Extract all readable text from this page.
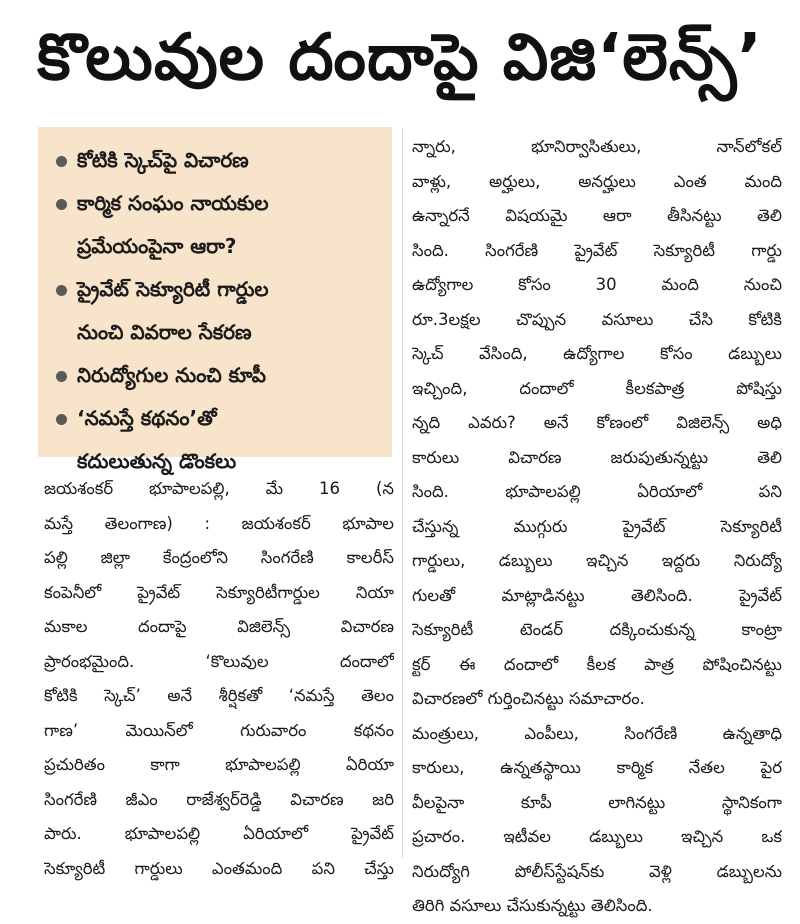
కొలువుల దందాపై విజి‘లెన్స్’
కోటికి స్కెచ్‌పై విచారణ
కార్మిక సంఘం నాయకుల
ప్రమేయంపైనా ఆరా?
ప్రైవేట్ సెక్యూరిటీ గార్డుల
నుంచి వివరాల సేకరణ
నిరుద్యోగుల నుంచి కూపీ
‘నమస్తే కథనం’తో
కదులుతున్న డొంకలు
జయశంకర్ భూపాలపల్లి, మే 16 (న
మస్తే తెలంగాణ) : జయశంకర్ భూపాల
పల్లి జిల్లా కేంద్రంలోని సింగరేణి కాలరీస్
కంపెనీలో ప్రైవేట్ సెక్యూరిటీగార్డుల నియా
మకాల దందాపై విజిలెన్స్ విచారణ
ప్రారంభమైంది. ‘కొలువుల దందాలో
కోటికి స్కెచ్’ అనే శీర్షికతో ‘నమస్తే తెలం
గాణ’ మెయిన్‌లో గురువారం కథనం
ప్రచురితం కాగా భూపాలపల్లి ఏరియా
సింగరేణి జీఎం రాజేశ్వర్‌రెడ్డి విచారణ జరి
పారు. భూపాలపల్లి ఏరియాలో ప్రైవేట్
సెక్యూరిటీ గార్డులు ఎంతమంది పని చేస్తు
న్నారు, భూనిర్వాసితులు, నాన్‌లోకల్
వాళ్లు, అర్హులు, అనర్హులు ఎంత మంది
ఉన్నారనే విషయమై ఆరా తీసినట్టు తెలి
సింది. సింగరేణి ప్రైవేట్ సెక్యూరిటీ గార్డు
ఉద్యోగాల కోసం 30 మంది నుంచి
రూ.3లక్షల చొప్పున వసూలు చేసి కోటికి
స్కెచ్ వేసింది, ఉద్యోగాల కోసం డబ్బులు
ఇచ్చింది, దందాలో కీలకపాత్ర పోషిస్తు
న్నది ఎవరు? అనే కోణంలో విజిలెన్స్ అధి
కారులు విచారణ జరుపుతున్నట్టు తెలి
సింది. భూపాలపల్లి ఏరియాలో పని
చేస్తున్న ముగ్గురు ప్రైవేట్ సెక్యూరిటీ
గార్డులు, డబ్బులు ఇచ్చిన ఇద్దరు నిరుద్యో
గులతో మాట్లాడినట్టు తెలిసింది. ప్రైవేట్
సెక్యూరిటీ టెండర్ దక్కించుకున్న కాంట్రా
క్టర్ ఈ దందాలో కీలక పాత్ర పోషించినట్టు
విచారణలో గుర్తించినట్టు సమాచారం.
మంత్రులు, ఎంపీలు, సింగరేణి ఉన్నతాధి
కారులు, ఉన్నతస్థాయి కార్మిక నేతల పైర
వీలపైనా కూపీ లాగినట్టు స్థానికంగా
ప్రచారం. ఇటీవల డబ్బులు ఇచ్చిన ఒక
నిరుద్యోగి పోలీస్‌స్టేషన్‌కు వెళ్లి డబ్బులను
తిరిగి వసూలు చేసుకున్నట్టు తెలిసింది.
